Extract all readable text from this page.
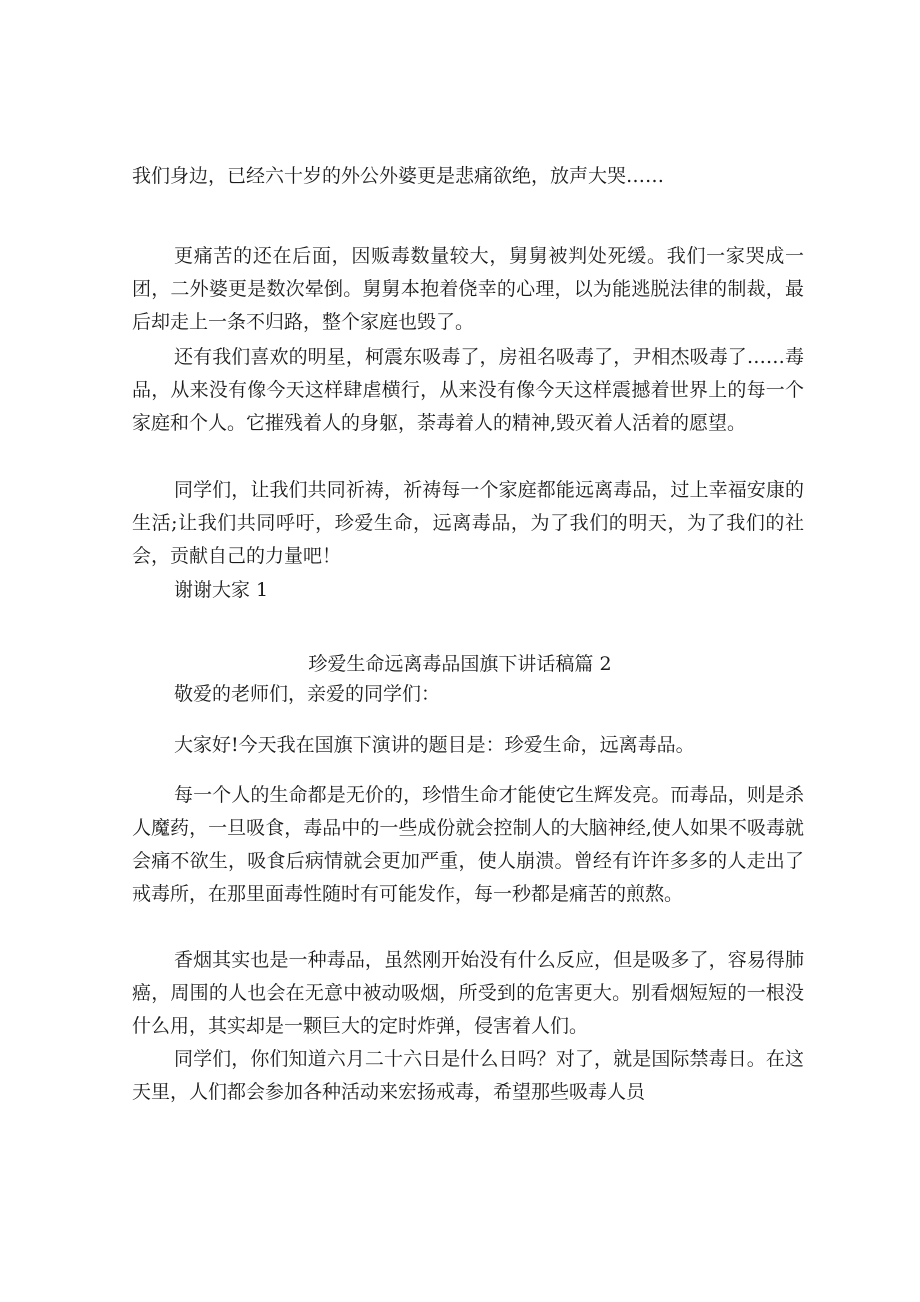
我们身边，已经六十岁的外公外婆更是悲痛欲绝，放声大哭……

更痛苦的还在后面，因贩毒数量较大，舅舅被判处死缓。我们一家哭成一团，二外婆更是数次晕倒。舅舅本抱着侥幸的心理，以为能逃脱法律的制裁，最后却走上一条不归路，整个家庭也毁了。

还有我们喜欢的明星，柯震东吸毒了，房祖名吸毒了，尹相杰吸毒了……毒品，从来没有像今天这样肆虐横行，从来没有像今天这样震撼着世界上的每一个家庭和个人。它摧残着人的身躯，荼毒着人的精神,毁灭着人活着的愿望。

同学们，让我们共同祈祷，祈祷每一个家庭都能远离毒品，过上幸福安康的生活;让我们共同呼吁，珍爱生命，远离毒品，为了我们的明天，为了我们的社会，贡献自己的力量吧！

谢谢大家 1

珍爱生命远离毒品国旗下讲话稿篇 2

敬爱的老师们，亲爱的同学们：

大家好!今天我在国旗下演讲的题目是：珍爱生命，远离毒品。

每一个人的生命都是无价的，珍惜生命才能使它生辉发亮。而毒品，则是杀人魔药，一旦吸食，毒品中的一些成份就会控制人的大脑神经,使人如果不吸毒就会痛不欲生，吸食后病情就会更加严重，使人崩溃。曾经有许许多多的人走出了戒毒所，在那里面毒性随时有可能发作，每一秒都是痛苦的煎熬。

香烟其实也是一种毒品，虽然刚开始没有什么反应，但是吸多了，容易得肺癌，周围的人也会在无意中被动吸烟，所受到的危害更大。别看烟短短的一根没什么用，其实却是一颗巨大的定时炸弹，侵害着人们。

同学们，你们知道六月二十六日是什么日吗？对了，就是国际禁毒日。在这天里，人们都会参加各种活动来宏扬戒毒，希望那些吸毒人员
